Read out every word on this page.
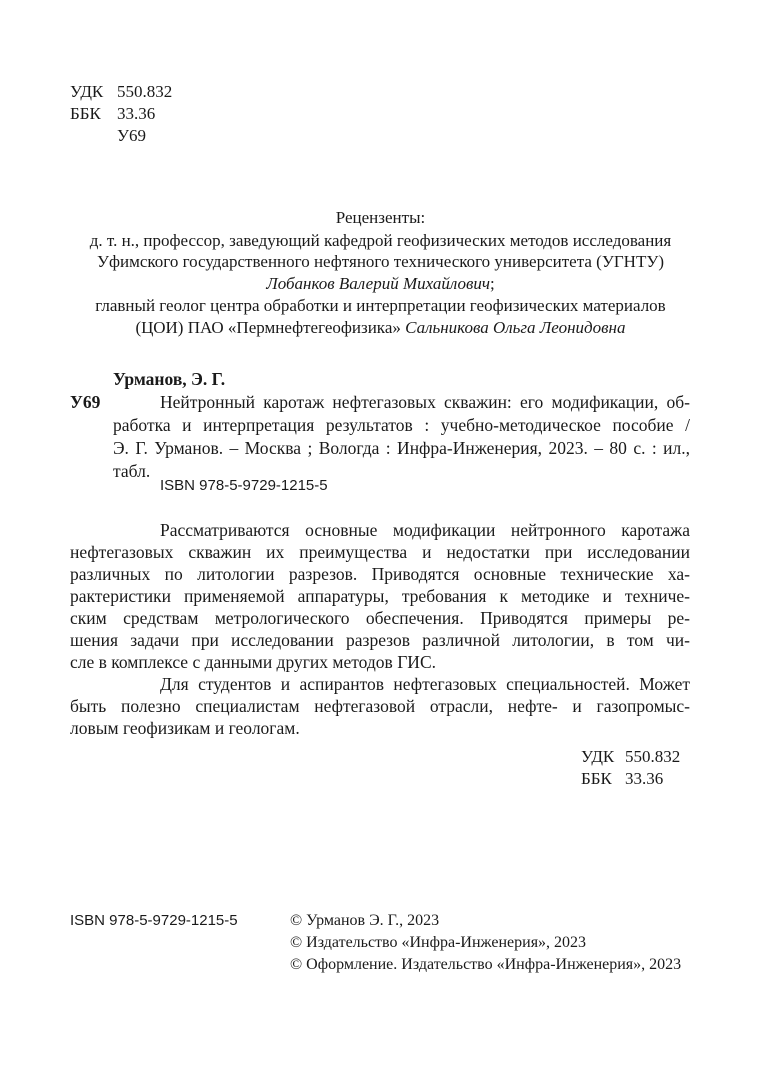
УДК 550.832
ББК 33.36
У69
Рецензенты:
д. т. н., профессор, заведующий кафедрой геофизических методов исследования
Уфимского государственного нефтяного технического университета (УГНТУ)
Лобанков Валерий Михайлович;
главный геолог центра обработки и интерпретации геофизических материалов
(ЦОИ) ПАО «Пермнефтегеофизика» Сальникова Ольга Леонидовна
Урманов, Э. Г.
У69	Нейтронный каротаж нефтегазовых скважин: его модификации, об-
работка и интерпретация результатов : учебно-методическое пособие /
Э. Г. Урманов. – Москва ; Вологда : Инфра-Инженерия, 2023. – 80 с. : ил.,
табл.
ISBN 978-5-9729-1215-5
Рассматриваются основные модификации нейтронного каротажа
нефтегазовых скважин их преимущества и недостатки при исследовании
различных по литологии разрезов. Приводятся основные технические ха-
рактеристики применяемой аппаратуры, требования к методике и техниче-
ским средствам метрологического обеспечения. Приводятся примеры ре-
шения задачи при исследовании разрезов различной литологии, в том чи-
сле в комплексе с данными других методов ГИС.
Для студентов и аспирантов нефтегазовых специальностей. Может
быть полезно специалистам нефтегазовой отрасли, нефте- и газопромыс-
ловым геофизикам и геологам.
УДК 550.832
ББК 33.36
ISBN 978-5-9729-1215-5	© Урманов Э. Г., 2023
© Издательство «Инфра-Инженерия», 2023
© Оформление. Издательство «Инфра-Инженерия», 2023
